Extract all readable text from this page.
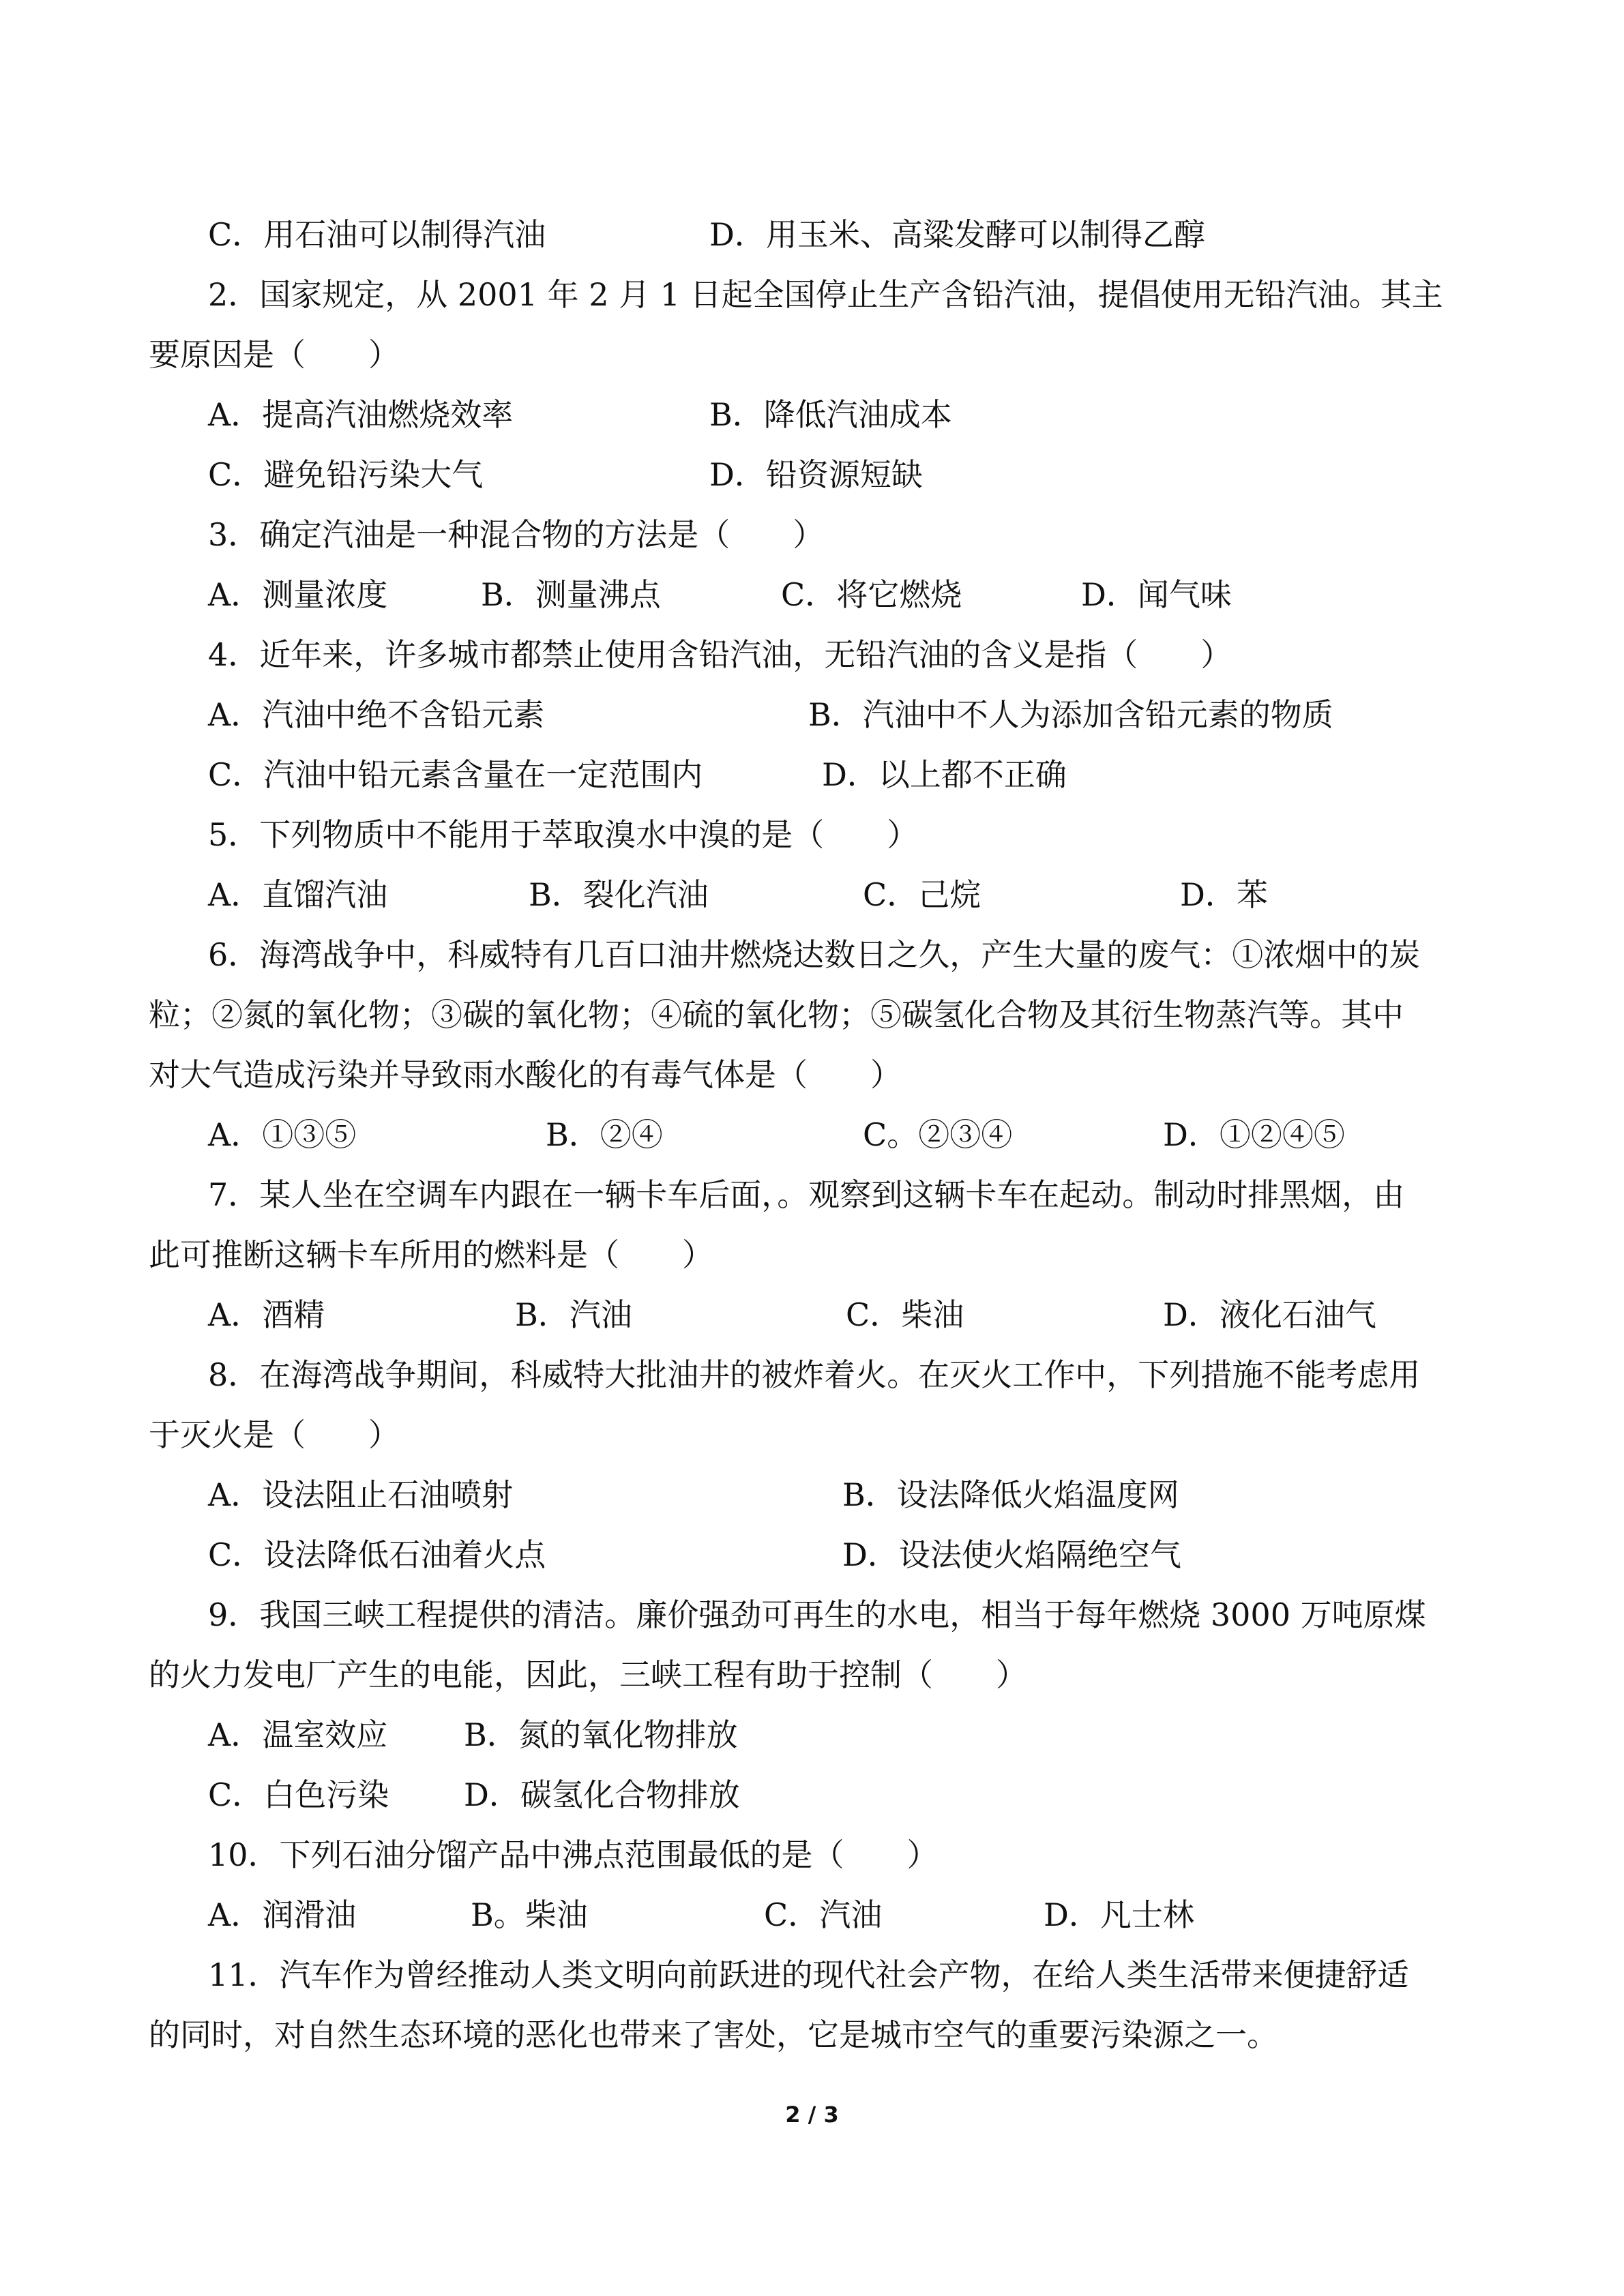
C．用石油可以制得汽油	D．用玉米、高粱发酵可以制得乙醇
2．国家规定，从 2001 年 2 月 1 日起全国停止生产含铅汽油，提倡使用无铅汽油。其主
要原因是（　　）
A．提高汽油燃烧效率	B．降低汽油成本
C．避免铅污染大气	D．铅资源短缺
3．确定汽油是一种混合物的方法是（　　）
A．测量浓度	B．测量沸点	C．将它燃烧	D．闻气味
4．近年来，许多城市都禁止使用含铅汽油，无铅汽油的含义是指（　　）
A．汽油中绝不含铅元素	B．汽油中不人为添加含铅元素的物质
C．汽油中铅元素含量在一定范围内	D．以上都不正确
5．下列物质中不能用于萃取溴水中溴的是（　　）
A．直馏汽油	B．裂化汽油	C．己烷	D．苯
6．海湾战争中，科威特有几百口油井燃烧达数日之久，产生大量的废气：①浓烟中的炭
粒；②氮的氧化物；③碳的氧化物；④硫的氧化物；⑤碳氢化合物及其衍生物蒸汽等。其中
对大气造成污染并导致雨水酸化的有毒气体是（　　）
A．①③⑤	B．②④	C。②③④	D．①②④⑤
7．某人坐在空调车内跟在一辆卡车后面，。观察到这辆卡车在起动。制动时排黑烟，由
此可推断这辆卡车所用的燃料是（　　）
A．酒精	B．汽油	C．柴油	D．液化石油气
8．在海湾战争期间，科威特大批油井的被炸着火。在灭火工作中，下列措施不能考虑用
于灭火是（　　）
A．设法阻止石油喷射	B．设法降低火焰温度网
C．设法降低石油着火点	D．设法使火焰隔绝空气
9．我国三峡工程提供的清洁。廉价强劲可再生的水电，相当于每年燃烧 3000 万吨原煤
的火力发电厂产生的电能，因此，三峡工程有助于控制（　　）
A．温室效应 B．氮的氧化物排放
C．白色污染 D．碳氢化合物排放
10．下列石油分馏产品中沸点范围最低的是（　　）
A．润滑油	B。柴油	C．汽油	D．凡士林
11．汽车作为曾经推动人类文明向前跃进的现代社会产物，在给人类生活带来便捷舒适
的同时，对自然生态环境的恶化也带来了害处，它是城市空气的重要污染源之一。
2 / 3
